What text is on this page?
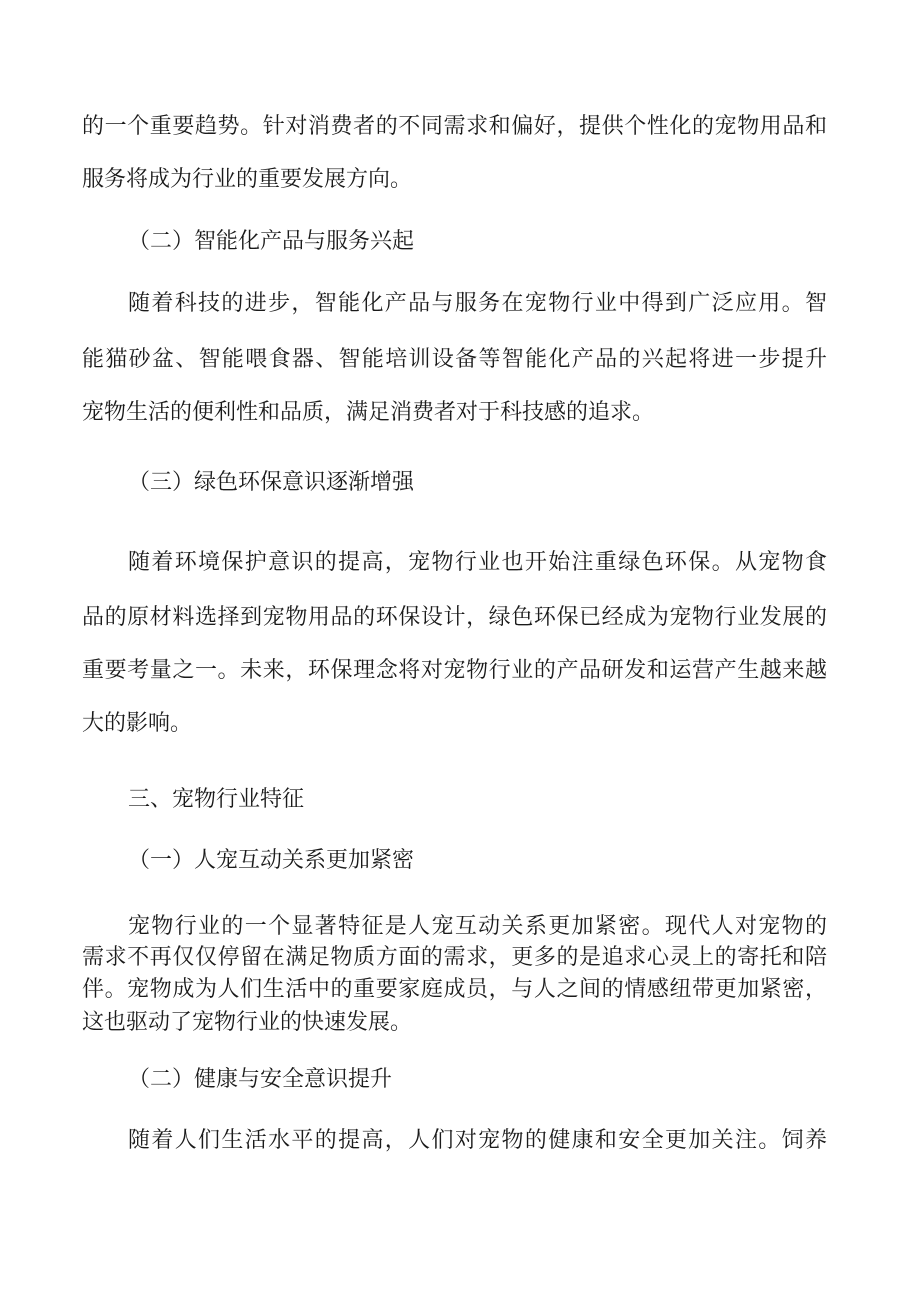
的一个重要趋势。针对消费者的不同需求和偏好，提供个性化的宠物用品和
服务将成为行业的重要发展方向。
（二）智能化产品与服务兴起
随着科技的进步，智能化产品与服务在宠物行业中得到广泛应用。智
能猫砂盆、智能喂食器、智能培训设备等智能化产品的兴起将进一步提升
宠物生活的便利性和品质，满足消费者对于科技感的追求。
（三）绿色环保意识逐渐增强
随着环境保护意识的提高，宠物行业也开始注重绿色环保。从宠物食
品的原材料选择到宠物用品的环保设计，绿色环保已经成为宠物行业发展的
重要考量之一。未来，环保理念将对宠物行业的产品研发和运营产生越来越
大的影响。
三、宠物行业特征
（一）人宠互动关系更加紧密
宠物行业的一个显著特征是人宠互动关系更加紧密。现代人对宠物的
需求不再仅仅停留在满足物质方面的需求，更多的是追求心灵上的寄托和陪
伴。宠物成为人们生活中的重要家庭成员，与人之间的情感纽带更加紧密，
这也驱动了宠物行业的快速发展。
（二）健康与安全意识提升
随着人们生活水平的提高，人们对宠物的健康和安全更加关注。饲养
